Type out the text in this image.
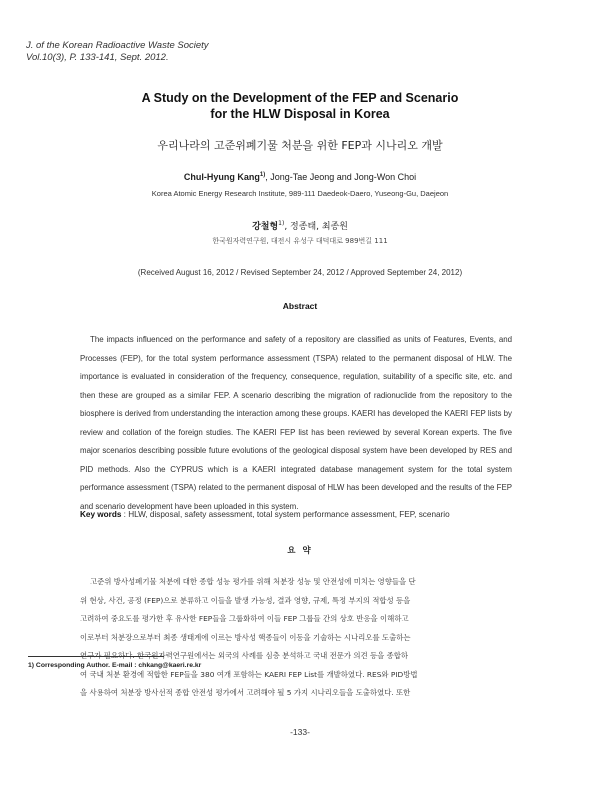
J. of the Korean Radioactive Waste Society
Vol.10(3), P. 133-141, Sept. 2012.
A Study on the Development of the FEP and Scenario
for the HLW Disposal in Korea
우리나라의 고준위폐기물 처분을 위한 FEP과 시나리오 개발
Chul-Hyung Kang$^{1)}$, Jong-Tae Jeong and Jong-Won Choi
Korea Atomic Energy Research Institute, 989-111 Daedeok-Daero, Yuseong-Gu, Daejeon
강철형$^{1)}$, 정종태, 최종원
한국원자력연구원, 대전시 유성구 대덕대로 989번길 111
(Received August 16, 2012 / Revised September 24, 2012 / Approved September 24, 2012)
Abstract
The impacts influenced on the performance and safety of a repository are classified as units of Features, Events, and Processes (FEP), for the total system performance assessment (TSPA) related to the permanent disposal of HLW. The importance is evaluated in consideration of the frequency, consequence, regulation, suitability of a specific site, etc. and then these are grouped as a similar FEP. A scenario describing the migration of radionuclide from the repository to the biosphere is derived from understanding the interaction among these groups. KAERI has developed the KAERI FEP lists by review and collation of the foreign studies. The KAERI FEP list has been reviewed by several Korean experts. The five major scenarios describing possible future evolutions of the geological disposal system have been developed by RES and PID methods. Also the CYPRUS which is a KAERI integrated database management system for the total system performance assessment (TSPA) related to the permanent disposal of HLW has been developed and the results of the FEP and scenario development have been uploaded in this system.
Key words : HLW, disposal, safety assessment, total system performance assessment, FEP, scenario
요 약
고준위 방사성폐기물 처분에 대한 종합 성능 평가를 위해 처분장 성능 및 안전성에 미치는 영향들을 단
위 현상, 사건, 공정 (FEP)으로 분류하고 이들을 발생 가능성, 결과 영향, 규제, 특정 부지의 적합성 등을
고려하여 중요도를 평가한 후 유사한 FEP들을 그룹화하여 이들 FEP 그룹들 간의 상호 반응을 이해하고
이로부터 처분장으로부터 최종 생태계에 이르는 방사성 핵종들이 이동을 기술하는 시나리오를 도출하는
연구가 필요하다. 한국원자력연구원에서는 외국의 사례를 심층 분석하고 국내 전문가 의견 등을 종합하
여 국내 처분 환경에 적합한 FEP들을 380 여개 포함하는 KAERI FEP List를 개발하였다. RES와 PID방법
을 사용하여 처분장 방사선적 종합 안전성 평가에서 고려해야 될 5 가지 시나리오들을 도출하였다. 또한
1) Corresponding Author. E-mail : chkang@kaeri.re.kr
-133-
